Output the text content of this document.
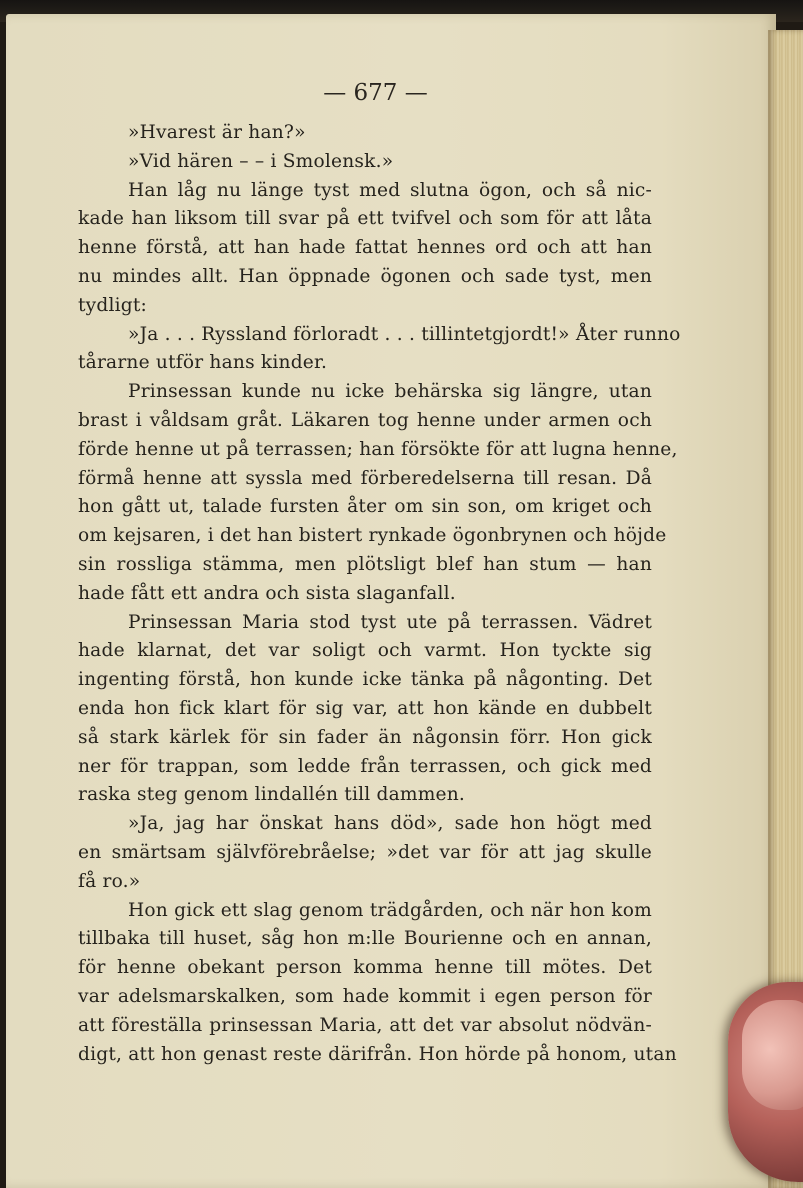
— 677 —
»Hvarest är han?»
»Vid hären – – i Smolensk.»
Han låg nu länge tyst med slutna ögon, och så nic-
kade han liksom till svar på ett tvifvel och som för att låta
henne förstå, att han hade fattat hennes ord och att han
nu mindes allt. Han öppnade ögonen och sade tyst, men
tydligt:
»Ja . . . Ryssland förloradt . . . tillintetgjordt!» Åter runno
tårarne utför hans kinder.
Prinsessan kunde nu icke behärska sig längre, utan
brast i våldsam gråt. Läkaren tog henne under armen och
förde henne ut på terrassen; han försökte för att lugna henne,
förmå henne att syssla med förberedelserna till resan. Då
hon gått ut, talade fursten åter om sin son, om kriget och
om kejsaren, i det han bistert rynkade ögonbrynen och höjde
sin rossliga stämma, men plötsligt blef han stum — han
hade fått ett andra och sista slaganfall.
Prinsessan Maria stod tyst ute på terrassen. Vädret
hade klarnat, det var soligt och varmt. Hon tyckte sig
ingenting förstå, hon kunde icke tänka på någonting. Det
enda hon fick klart för sig var, att hon kände en dubbelt
så stark kärlek för sin fader än någonsin förr. Hon gick
ner för trappan, som ledde från terrassen, och gick med
raska steg genom lindallén till dammen.
»Ja, jag har önskat hans död», sade hon högt med
en smärtsam självförebråelse; »det var för att jag skulle
få ro.»
Hon gick ett slag genom trädgården, och när hon kom
tillbaka till huset, såg hon m:lle Bourienne och en annan,
för henne obekant person komma henne till mötes. Det
var adelsmarskalken, som hade kommit i egen person för
att föreställa prinsessan Maria, att det var absolut nödvän-
digt, att hon genast reste därifrån. Hon hörde på honom, utan
